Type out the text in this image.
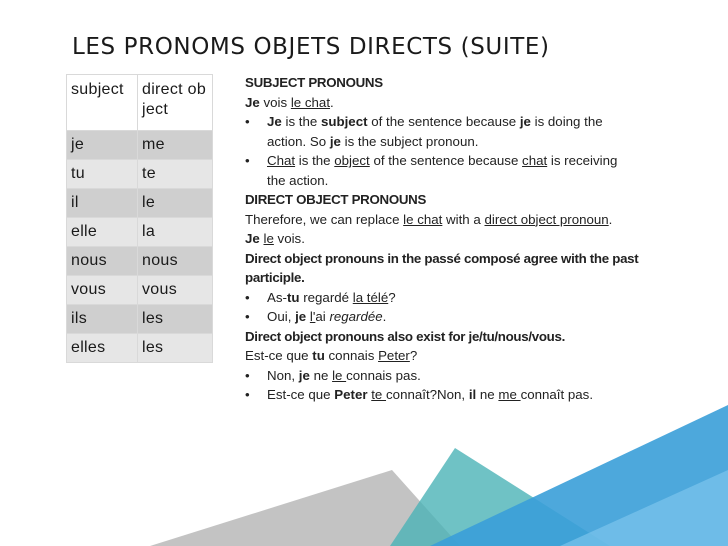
LES PRONOMS OBJETS DIRECTS (SUITE)
subject	direct object
je	me
tu	te
il	le
elle	la
nous	nous
vous	vous
ils	les
elles	les
SUBJECT PRONOUNS
Je vois le chat.
• Je is the subject of the sentence because je is doing the
action. So je is the subject pronoun.
• Chat is the object of the sentence because chat is receiving
the action.
DIRECT OBJECT PRONOUNS
Therefore, we can replace le chat with a direct object pronoun.
Je le vois.
Direct object pronouns in the passé composé agree with the past
participle.
• As-tu regardé la télé?
• Oui, je l'ai regardée.
Direct object pronouns also exist for je/tu/nous/vous.
Est-ce que tu connais Peter?
• Non, je ne le connais pas.
• Est-ce que Peter te connaît?Non, il ne me connaît pas.
